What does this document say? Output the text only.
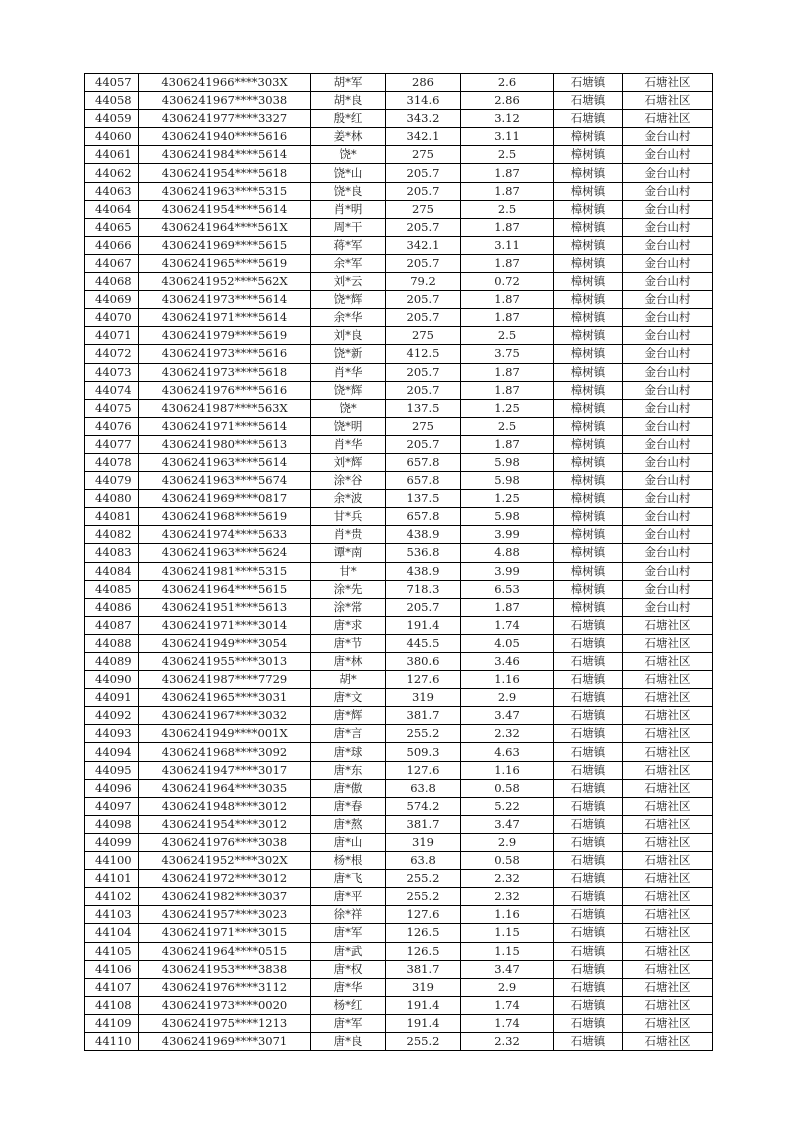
44057	4306241966****303X	胡*军	286	2.6	石塘镇	石塘社区
44058	4306241967****3038	胡*良	314.6	2.86	石塘镇	石塘社区
44059	4306241977****3327	殷*红	343.2	3.12	石塘镇	石塘社区
44060	4306241940****5616	姜*林	342.1	3.11	樟树镇	金台山村
44061	4306241984****5614	饶*	275	2.5	樟树镇	金台山村
44062	4306241954****5618	饶*山	205.7	1.87	樟树镇	金台山村
44063	4306241963****5315	饶*良	205.7	1.87	樟树镇	金台山村
44064	4306241954****5614	肖*明	275	2.5	樟树镇	金台山村
44065	4306241964****561X	周*干	205.7	1.87	樟树镇	金台山村
44066	4306241969****5615	蒋*军	342.1	3.11	樟树镇	金台山村
44067	4306241965****5619	余*军	205.7	1.87	樟树镇	金台山村
44068	4306241952****562X	刘*云	79.2	0.72	樟树镇	金台山村
44069	4306241973****5614	饶*辉	205.7	1.87	樟树镇	金台山村
44070	4306241971****5614	余*华	205.7	1.87	樟树镇	金台山村
44071	4306241979****5619	刘*良	275	2.5	樟树镇	金台山村
44072	4306241973****5616	饶*新	412.5	3.75	樟树镇	金台山村
44073	4306241973****5618	肖*华	205.7	1.87	樟树镇	金台山村
44074	4306241976****5616	饶*辉	205.7	1.87	樟树镇	金台山村
44075	4306241987****563X	饶*	137.5	1.25	樟树镇	金台山村
44076	4306241971****5614	饶*明	275	2.5	樟树镇	金台山村
44077	4306241980****5613	肖*华	205.7	1.87	樟树镇	金台山村
44078	4306241963****5614	刘*辉	657.8	5.98	樟树镇	金台山村
44079	4306241963****5674	涂*谷	657.8	5.98	樟树镇	金台山村
44080	4306241969****0817	余*波	137.5	1.25	樟树镇	金台山村
44081	4306241968****5619	甘*兵	657.8	5.98	樟树镇	金台山村
44082	4306241974****5633	肖*贵	438.9	3.99	樟树镇	金台山村
44083	4306241963****5624	谭*南	536.8	4.88	樟树镇	金台山村
44084	4306241981****5315	甘*	438.9	3.99	樟树镇	金台山村
44085	4306241964****5615	涂*先	718.3	6.53	樟树镇	金台山村
44086	4306241951****5613	涂*常	205.7	1.87	樟树镇	金台山村
44087	4306241971****3014	唐*求	191.4	1.74	石塘镇	石塘社区
44088	4306241949****3054	唐*节	445.5	4.05	石塘镇	石塘社区
44089	4306241955****3013	唐*林	380.6	3.46	石塘镇	石塘社区
44090	4306241987****7729	胡*	127.6	1.16	石塘镇	石塘社区
44091	4306241965****3031	唐*文	319	2.9	石塘镇	石塘社区
44092	4306241967****3032	唐*辉	381.7	3.47	石塘镇	石塘社区
44093	4306241949****001X	唐*言	255.2	2.32	石塘镇	石塘社区
44094	4306241968****3092	唐*球	509.3	4.63	石塘镇	石塘社区
44095	4306241947****3017	唐*东	127.6	1.16	石塘镇	石塘社区
44096	4306241964****3035	唐*傲	63.8	0.58	石塘镇	石塘社区
44097	4306241948****3012	唐*春	574.2	5.22	石塘镇	石塘社区
44098	4306241954****3012	唐*熬	381.7	3.47	石塘镇	石塘社区
44099	4306241976****3038	唐*山	319	2.9	石塘镇	石塘社区
44100	4306241952****302X	杨*根	63.8	0.58	石塘镇	石塘社区
44101	4306241972****3012	唐*飞	255.2	2.32	石塘镇	石塘社区
44102	4306241982****3037	唐*平	255.2	2.32	石塘镇	石塘社区
44103	4306241957****3023	徐*祥	127.6	1.16	石塘镇	石塘社区
44104	4306241971****3015	唐*军	126.5	1.15	石塘镇	石塘社区
44105	4306241964****0515	唐*武	126.5	1.15	石塘镇	石塘社区
44106	4306241953****3838	唐*权	381.7	3.47	石塘镇	石塘社区
44107	4306241976****3112	唐*华	319	2.9	石塘镇	石塘社区
44108	4306241973****0020	杨*红	191.4	1.74	石塘镇	石塘社区
44109	4306241975****1213	唐*军	191.4	1.74	石塘镇	石塘社区
44110	4306241969****3071	唐*良	255.2	2.32	石塘镇	石塘社区
